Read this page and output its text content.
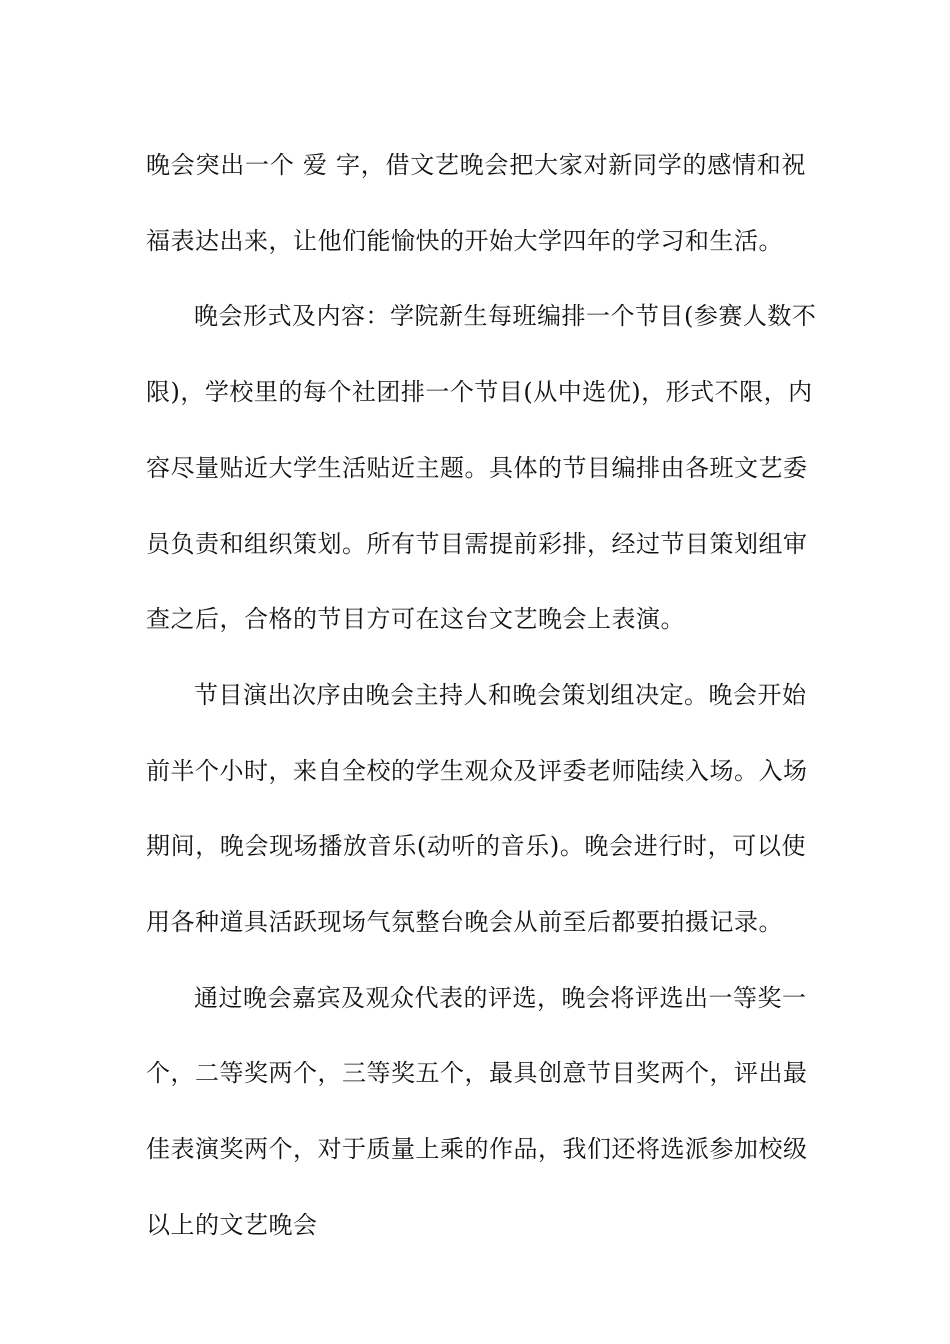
晚会突出一个 爱 字，借文艺晚会把大家对新同学的感情和祝
福表达出来，让他们能愉快的开始大学四年的学习和生活。
晚会形式及内容：学院新生每班编排一个节目(参赛人数不
限)，学校里的每个社团排一个节目(从中选优)，形式不限，内
容尽量贴近大学生活贴近主题。具体的节目编排由各班文艺委
员负责和组织策划。所有节目需提前彩排，经过节目策划组审
查之后，合格的节目方可在这台文艺晚会上表演。
节目演出次序由晚会主持人和晚会策划组决定。晚会开始
前半个小时，来自全校的学生观众及评委老师陆续入场。入场
期间，晚会现场播放音乐(动听的音乐)。晚会进行时，可以使
用各种道具活跃现场气氛整台晚会从前至后都要拍摄记录。
通过晚会嘉宾及观众代表的评选，晚会将评选出一等奖一
个，二等奖两个，三等奖五个，最具创意节目奖两个，评出最
佳表演奖两个，对于质量上乘的作品，我们还将选派参加校级
以上的文艺晚会
